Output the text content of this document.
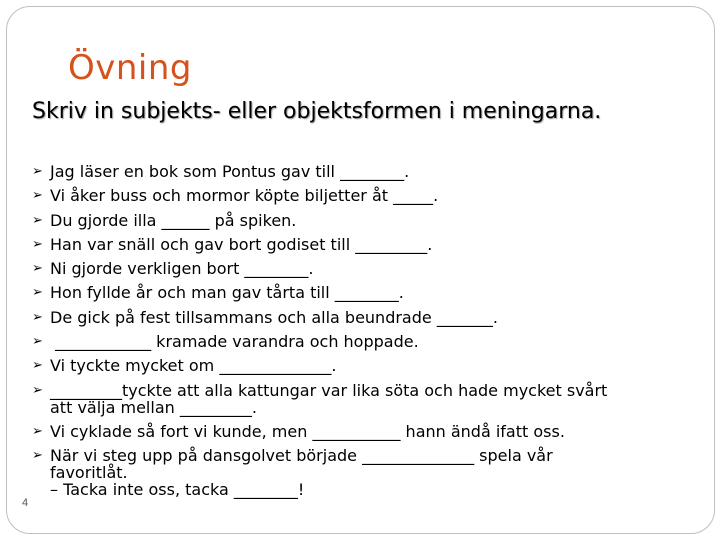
Övning
Skriv in subjekts- eller objektsformen i meningarna.
➢ Jag läser en bok som Pontus gav till ________.
➢ Vi åker buss och mormor köpte biljetter åt _____.
➢ Du gjorde illa ______ på spiken.
➢ Han var snäll och gav bort godiset till _________.
➢ Ni gjorde verkligen bort ________.
➢ Hon fyllde år och man gav tårta till ________.
➢ De gick på fest tillsammans och alla beundrade _______.
➢ ____________ kramade varandra och hoppade.
➢ Vi tyckte mycket om ______________.
➢ _________tyckte att alla kattungar var lika söta och hade mycket svårt
att välja mellan _________.
➢ Vi cyklade så fort vi kunde, men ___________ hann ändå ifatt oss.
➢ När vi steg upp på dansgolvet började ______________ spela vår
favoritlåt.
– Tacka inte oss, tacka ________!
4
